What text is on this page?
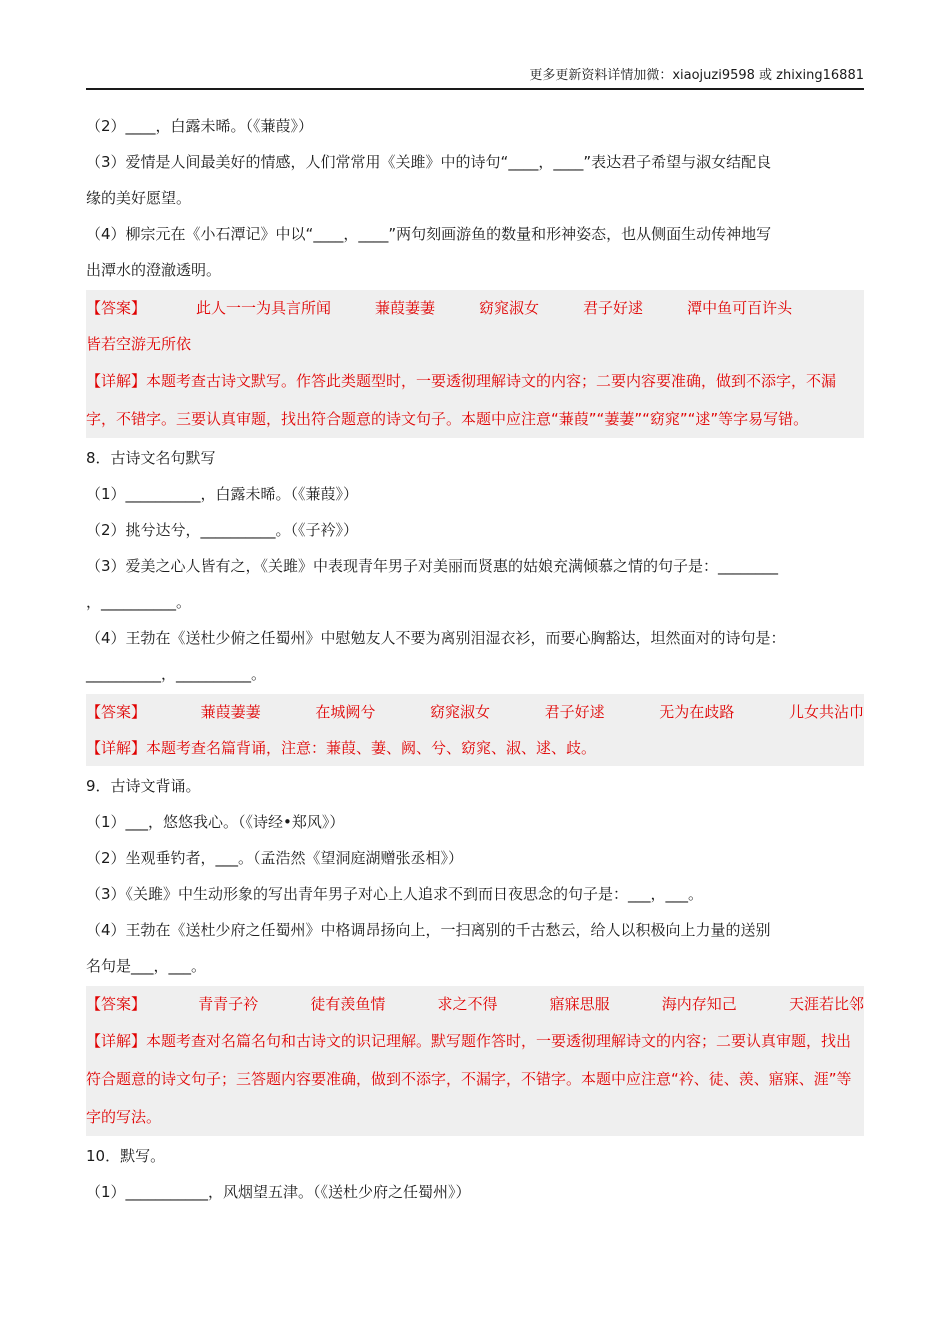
更多更新资料详情加微：xiaojuzi9598 或 zhixing16881
（2）____，白露未晞。（《蒹葭》）
（3）爱情是人间最美好的情感，人们常常用《关雎》中的诗句“____，____”表达君子希望与淑女结配良
缘的美好愿望。
（4）柳宗元在《小石潭记》中以“____，____”两句刻画游鱼的数量和形神姿态，也从侧面生动传神地写
出潭水的澄澈透明。
【答案】	此人一一为具言所闻	蒹葭萋萋	窈窕淑女	君子好逑	潭中鱼可百许头
皆若空游无所依
【详解】本题考查古诗文默写。作答此类题型时，一要透彻理解诗文的内容；二要内容要准确，做到不添字，不漏字，不错字。三要认真审题，找出符合题意的诗文句子。本题中应注意“蒹葭”“萋萋”“窈窕”“逑”等字易写错。
8．古诗文名句默写
（1）__________，白露未晞。（《蒹葭》）
（2）挑兮达兮，__________。（《子衿》）
（3）爱美之心人皆有之，《关雎》中表现青年男子对美丽而贤惠的姑娘充满倾慕之情的句子是：________
，__________。
（4）王勃在《送杜少俯之任蜀州》中慰勉友人不要为离别泪湿衣衫，而要心胸豁达，坦然面对的诗句是：
__________，__________。
【答案】	蒹葭萋萋	在城阙兮	窈窕淑女	君子好逑	无为在歧路	儿女共沾巾
【详解】本题考查名篇背诵，注意：蒹葭、萋、阙、兮、窈窕、淑、逑、歧。
9．古诗文背诵。
（1）___，悠悠我心。（《诗经•郑风》）
（2）坐观垂钓者，___。（孟浩然《望洞庭湖赠张丞相》）
（3）《关雎》中生动形象的写出青年男子对心上人追求不到而日夜思念的句子是：___，___。
（4）王勃在《送杜少府之任蜀州》中格调昂扬向上，一扫离别的千古愁云，给人以积极向上力量的送别
名句是___，___。
【答案】	青青子衿	徒有羡鱼情	求之不得	寤寐思服	海内存知己	天涯若比邻
【详解】本题考查对名篇名句和古诗文的识记理解。默写题作答时，一要透彻理解诗文的内容；二要认真审题，找出符合题意的诗文句子；三答题内容要准确，做到不添字，不漏字，不错字。本题中应注意“衿、徒、羡、寤寐、涯”等字的写法。
10．默写。
（1）___________，风烟望五津。（《送杜少府之任蜀州》）
